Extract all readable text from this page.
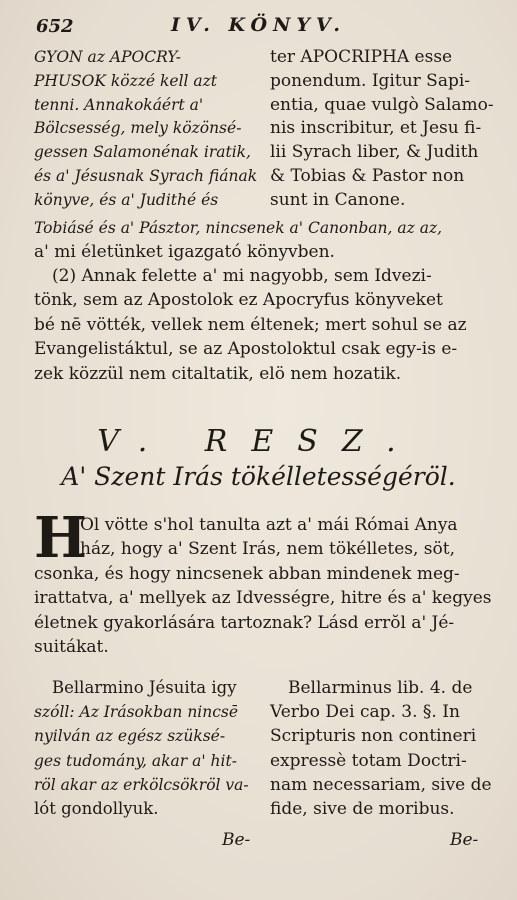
652	IV. KÖNYV.
GYON az APOCRY-
PHUSOK közzé kell azt
tenni. Annakokáért a'
Bölcsesség, mely közönsé-
gessen Salamonénak iratik,
és a' Jésusnak Syrach fiának
könyve, és a' Judithé és
ter APOCRIPHA esse
ponendum. Igitur Sapi-
entia, quae vulgò Salamo-
nis inscribitur, et Jesu fi-
lii Syrach liber, & Judith
& Tobias & Pastor non
sunt in Canone.
Tobiásé és a' Pásztor, nincsenek a' Canonban, az az,
a' mi életünket igazgató könyvben.
(2) Annak felette a' mi nagyobb, sem Idvezi-
tönk, sem az Apostolok ez Apocryfus könyveket
bé nē vötték, vellek nem éltenek; mert sohul se az
Evangelistáktul, se az Apostoloktul csak egy-is e-
zek közzül nem citaltatik, elö nem hozatik.
V. RESZ.
A' Szent Irás tökélletességéröl.
H
Ol vötte s'hol tanulta azt a' mái Római Anya
ház, hogy a' Szent Irás, nem tökélletes, söt,
csonka, és hogy nincsenek abban mindenek meg-
irattatva, a' mellyek az Idvességre, hitre és a' kegyes
életnek gyakorlására tartoznak? Lásd errŏl a' Jé-
suitákat.
Bellarmino Jésuita igy
szóll: Az Irásokban nincsē
nyilván az egész szüksé-
ges tudomány, akar a' hit-
röl akar az erkölcsökröl va-
lót gondollyuk.
Bellarminus lib. 4. de
Verbo Dei cap. 3. §. In
Scripturis non contineri
expressè totam Doctri-
nam necessariam, sive de
fide, sive de moribus.
Be-	Be-
